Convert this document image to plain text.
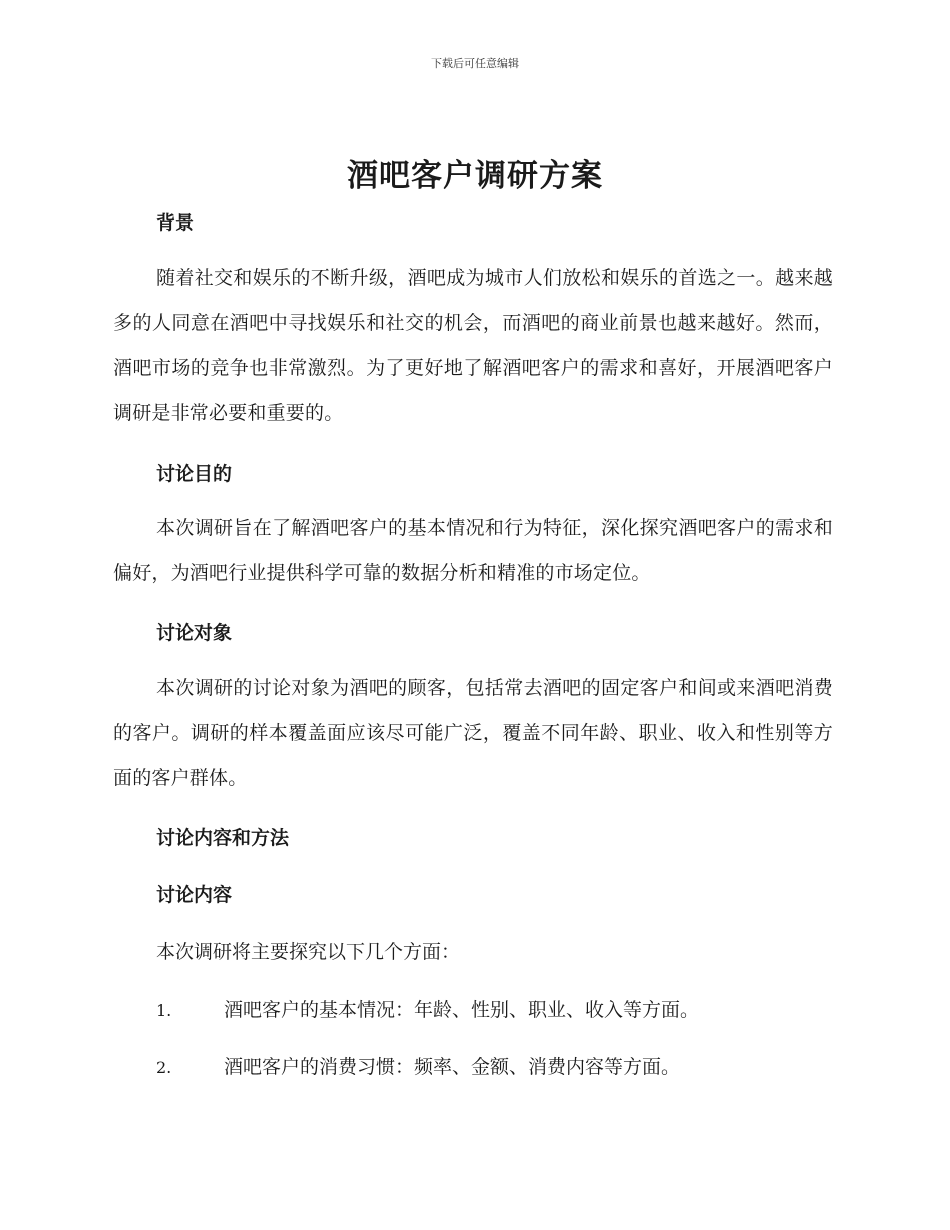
下载后可任意编辑
酒吧客户调研方案
背景
随着社交和娱乐的不断升级，酒吧成为城市人们放松和娱乐的首选之一。越来越多的人同意在酒吧中寻找娱乐和社交的机会，而酒吧的商业前景也越来越好。然而，酒吧市场的竞争也非常激烈。为了更好地了解酒吧客户的需求和喜好，开展酒吧客户调研是非常必要和重要的。
讨论目的
本次调研旨在了解酒吧客户的基本情况和行为特征，深化探究酒吧客户的需求和偏好，为酒吧行业提供科学可靠的数据分析和精准的市场定位。
讨论对象
本次调研的讨论对象为酒吧的顾客，包括常去酒吧的固定客户和间或来酒吧消费的客户。调研的样本覆盖面应该尽可能广泛，覆盖不同年龄、职业、收入和性别等方面的客户群体。
讨论内容和方法
讨论内容
本次调研将主要探究以下几个方面：
1.	酒吧客户的基本情况：年龄、性别、职业、收入等方面。
2.	酒吧客户的消费习惯：频率、金额、消费内容等方面。
